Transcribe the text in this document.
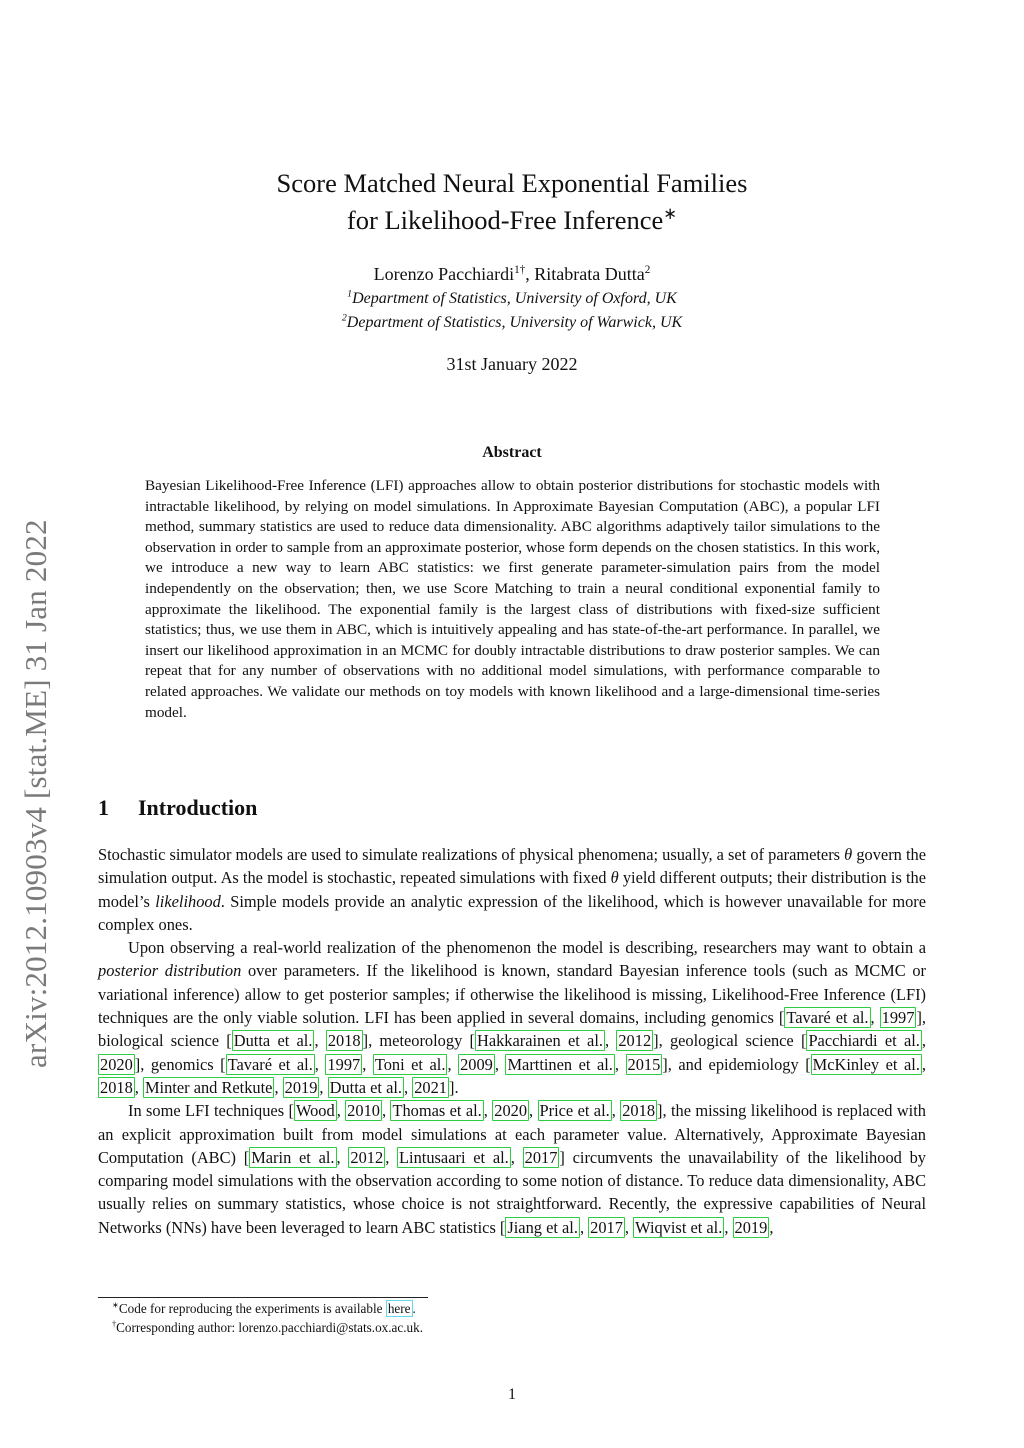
arXiv:2012.10903v4 [stat.ME] 31 Jan 2022
Score Matched Neural Exponential Families
for Likelihood-Free Inference∗
Lorenzo Pacchiardi$^{1\dagger}$, Ritabrata Dutta$^2$
$^1$Department of Statistics, University of Oxford, UK
$^2$Department of Statistics, University of Warwick, UK
31st January 2022
Abstract
Bayesian Likelihood-Free Inference (LFI) approaches allow to obtain posterior distributions for stochastic models with intractable likelihood, by relying on model simulations. In Approximate Bayesian Computation (ABC), a popular LFI method, summary statistics are used to reduce data dimensionality. ABC algorithms adaptively tailor simulations to the observation in order to sample from an approximate posterior, whose form depends on the chosen statistics. In this work, we introduce a new way to learn ABC statistics: we first generate parameter-simulation pairs from the model independently on the observation; then, we use Score Matching to train a neural conditional exponential family to approximate the likelihood. The exponential family is the largest class of distributions with fixed-size sufficient statistics; thus, we use them in ABC, which is intuitively appealing and has state-of-the-art performance. In parallel, we insert our likelihood approximation in an MCMC for doubly intractable distributions to draw posterior samples. We can repeat that for any number of observations with no additional model simulations, with performance comparable to related approaches. We validate our methods on toy models with known likelihood and a large-dimensional time-series model.
1 Introduction

Stochastic simulator models are used to simulate realizations of physical phenomena; usually, a set of parameters θ govern the simulation output. As the model is stochastic, repeated simulations with fixed θ yield different outputs; their distribution is the model’s likelihood. Simple models provide an analytic expression of the likelihood, which is however unavailable for more complex ones.

Upon observing a real-world realization of the phenomenon the model is describing, researchers may want to obtain a posterior distribution over parameters. If the likelihood is known, standard Bayesian inference tools (such as MCMC or variational inference) allow to get posterior samples; if otherwise the likelihood is missing, Likelihood-Free Inference (LFI) techniques are the only viable solution. LFI has been applied in several domains, including genomics [ Tavaré et al. , 1997 ], biological science [ Dutta et al. , 2018 ], meteorology [ Hakkarainen et al. , 2012 ], geological science [ Pacchiardi et al. , 2020 ], genomics [ Tavaré et al. , 1997 , Toni et al. , 2009 , Marttinen et al. , 2015 ], and epidemiology [ McKinley et al. , 2018 , Minter and Retkute , 2019 , Dutta et al. , 2021 ].

In some LFI techniques [ Wood , 2010 , Thomas et al. , 2020 , Price et al. , 2018 ], the missing likelihood is replaced with an explicit approximation built from model simulations at each parameter value. Alternatively, Approximate Bayesian Computation (ABC) [ Marin et al. , 2012 , Lintusaari et al. , 2017 ] circumvents the unavailability of the likelihood by comparing model simulations with the observation according to some notion of distance. To reduce data dimensionality, ABC usually relies on summary statistics, whose choice is not straightforward. Recently, the expressive capabilities of Neural Networks (NNs) have been leveraged to learn ABC statistics [ Jiang et al. , 2017 , Wiqvist et al. , 2019 ,

∗Code for reproducing the experiments is available here .
†Corresponding author: lorenzo.pacchiardi@stats.ox.ac.uk.
1
